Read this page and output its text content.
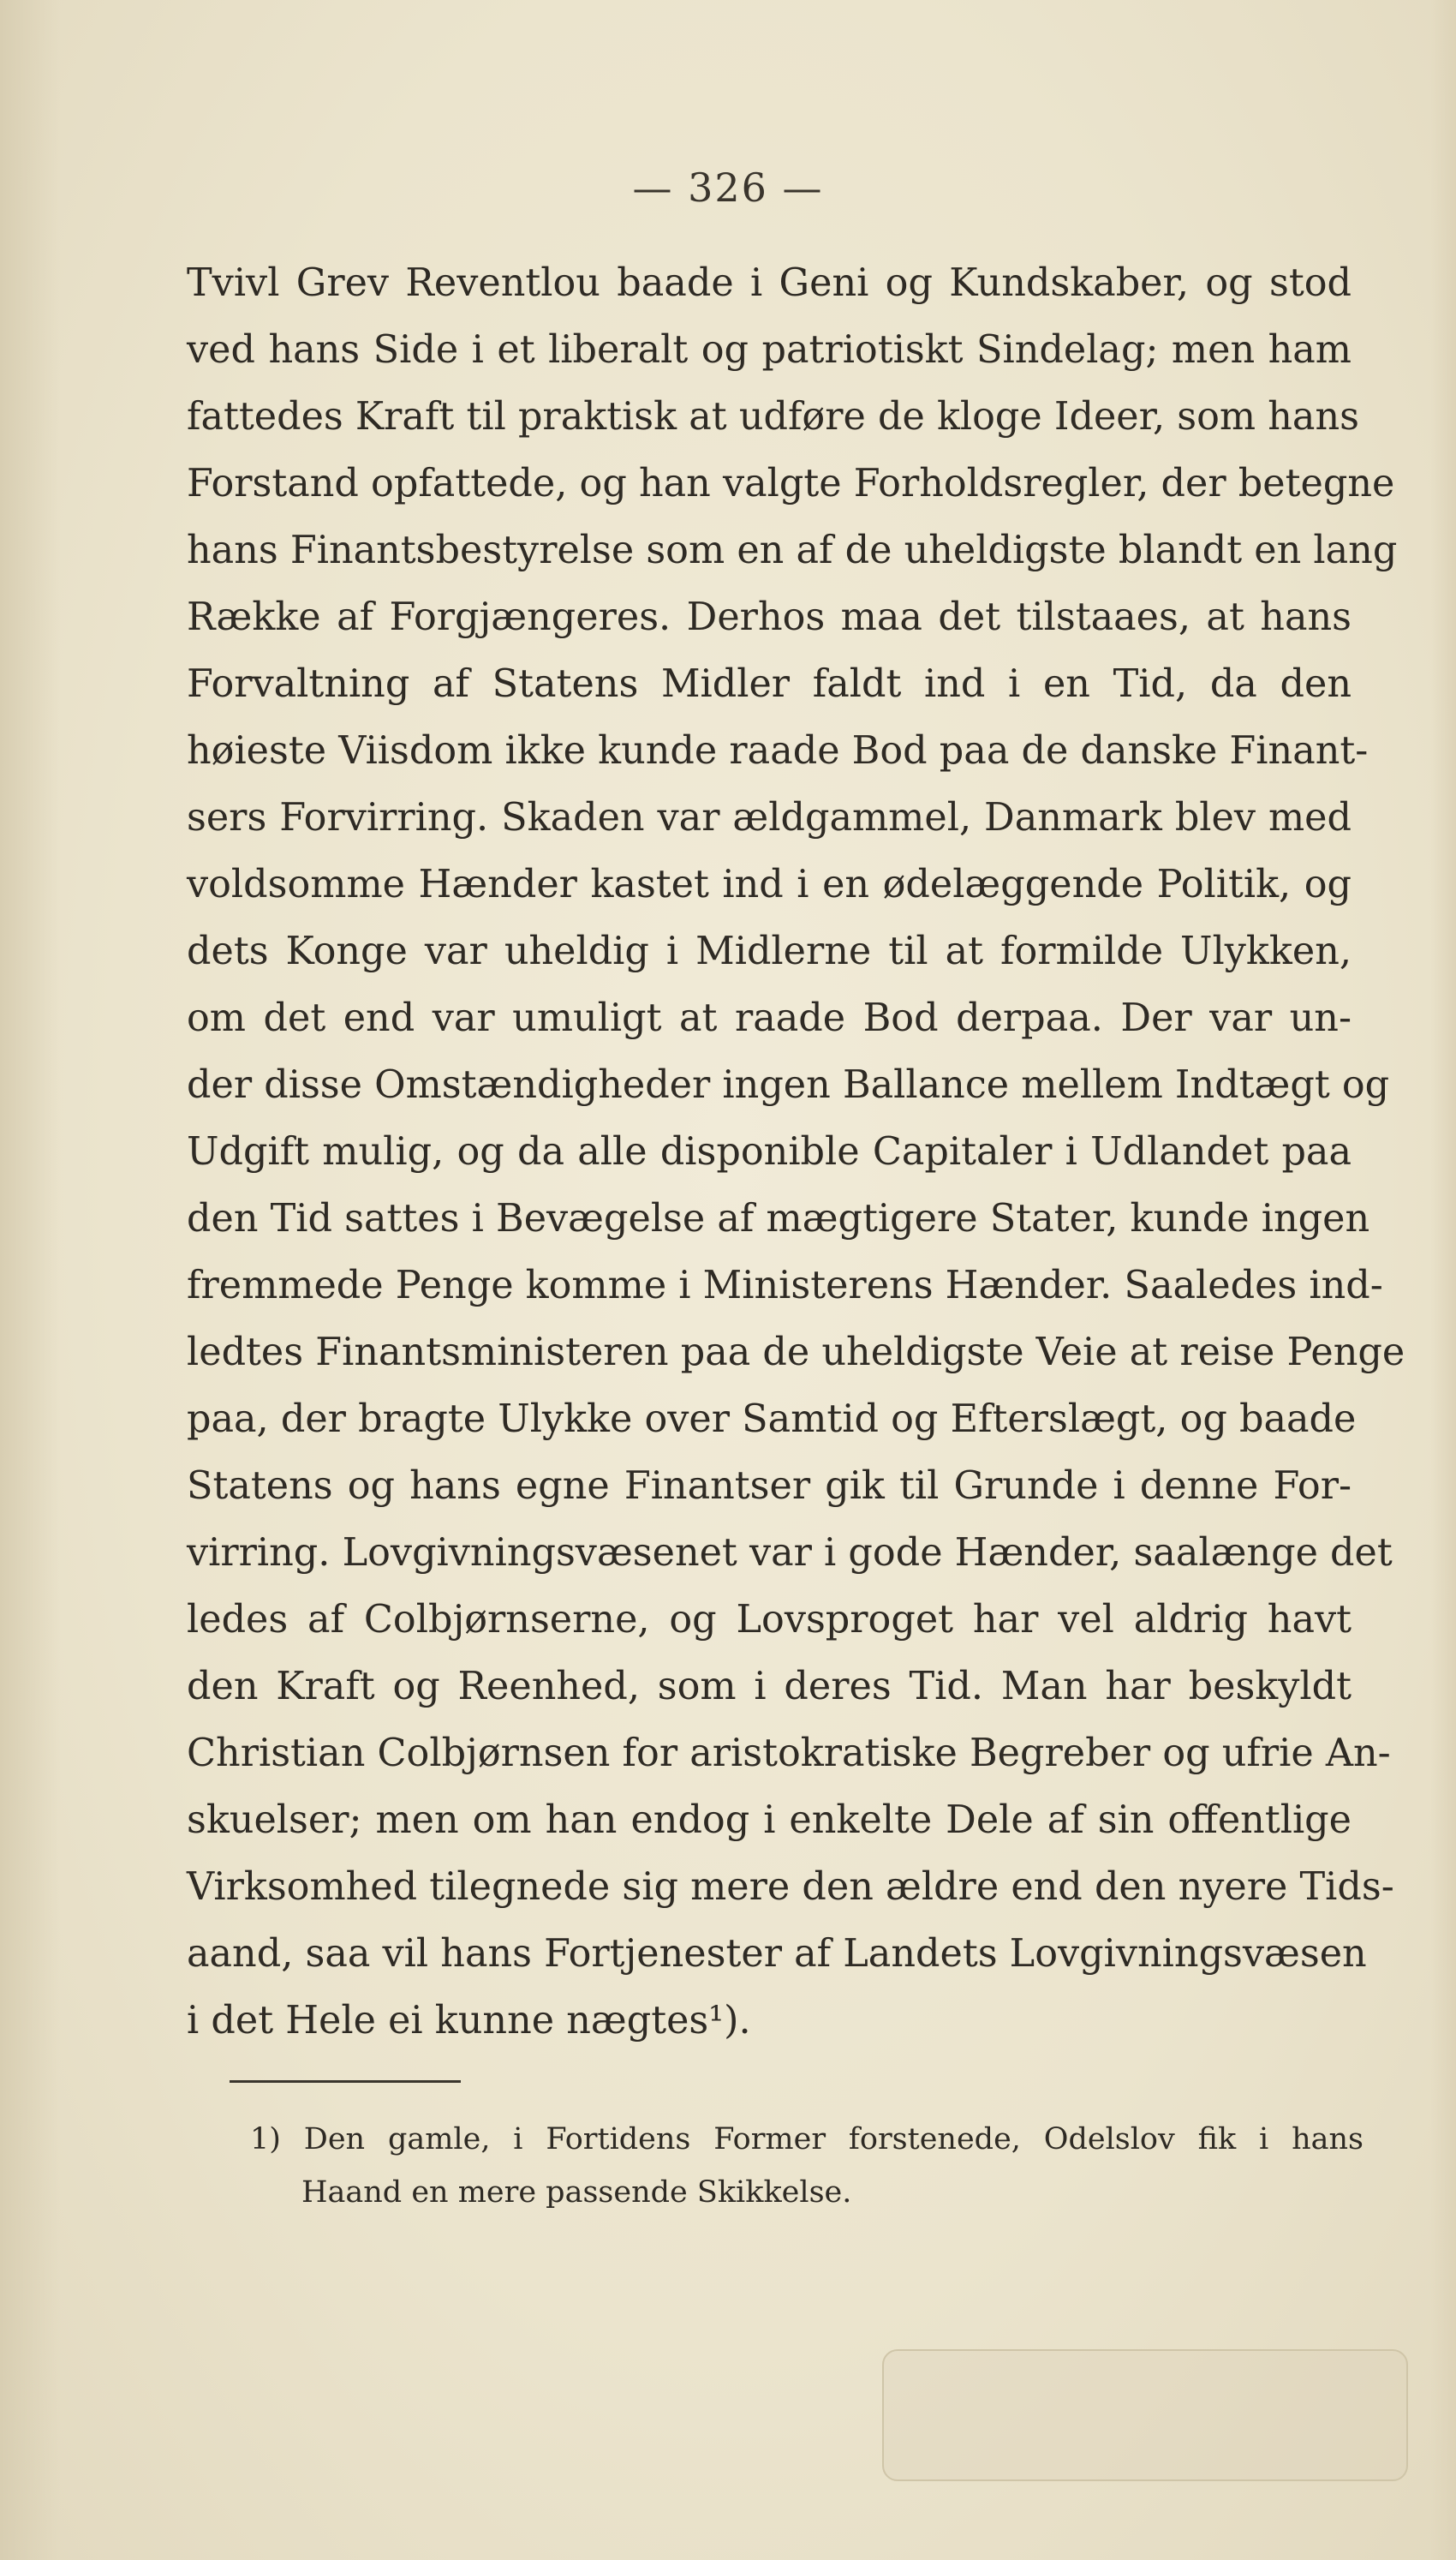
— 326 —
Tvivl Grev Reventlou baade i Geni og Kundskaber, og stod
ved hans Side i et liberalt og patriotiskt Sindelag; men ham
fattedes Kraft til praktisk at udføre de kloge Ideer, som hans
Forstand opfattede, og han valgte Forholdsregler, der betegne
hans Finantsbestyrelse som en af de uheldigste blandt en lang
Række af Forgjængeres. Derhos maa det tilstaaes, at hans
Forvaltning af Statens Midler faldt ind i en Tid, da den
høieste Viisdom ikke kunde raade Bod paa de danske Finant-
sers Forvirring. Skaden var ældgammel, Danmark blev med
voldsomme Hænder kastet ind i en ødelæggende Politik, og
dets Konge var uheldig i Midlerne til at formilde Ulykken,
om det end var umuligt at raade Bod derpaa. Der var un-
der disse Omstændigheder ingen Ballance mellem Indtægt og
Udgift mulig, og da alle disponible Capitaler i Udlandet paa
den Tid sattes i Bevægelse af mægtigere Stater, kunde ingen
fremmede Penge komme i Ministerens Hænder. Saaledes ind-
ledtes Finantsministeren paa de uheldigste Veie at reise Penge
paa, der bragte Ulykke over Samtid og Efterslægt, og baade
Statens og hans egne Finantser gik til Grunde i denne For-
virring. Lovgivningsvæsenet var i gode Hænder, saalænge det
ledes af Colbjørnserne, og Lovsproget har vel aldrig havt
den Kraft og Reenhed, som i deres Tid. Man har beskyldt
Christian Colbjørnsen for aristokratiske Begreber og ufrie An-
skuelser; men om han endog i enkelte Dele af sin offentlige
Virksomhed tilegnede sig mere den ældre end den nyere Tids-
aand, saa vil hans Fortjenester af Landets Lovgivningsvæsen
i det Hele ei kunne nægtes¹).
1) Den gamle, i Fortidens Former forstenede, Odelslov fik i hans
Haand en mere passende Skikkelse.
